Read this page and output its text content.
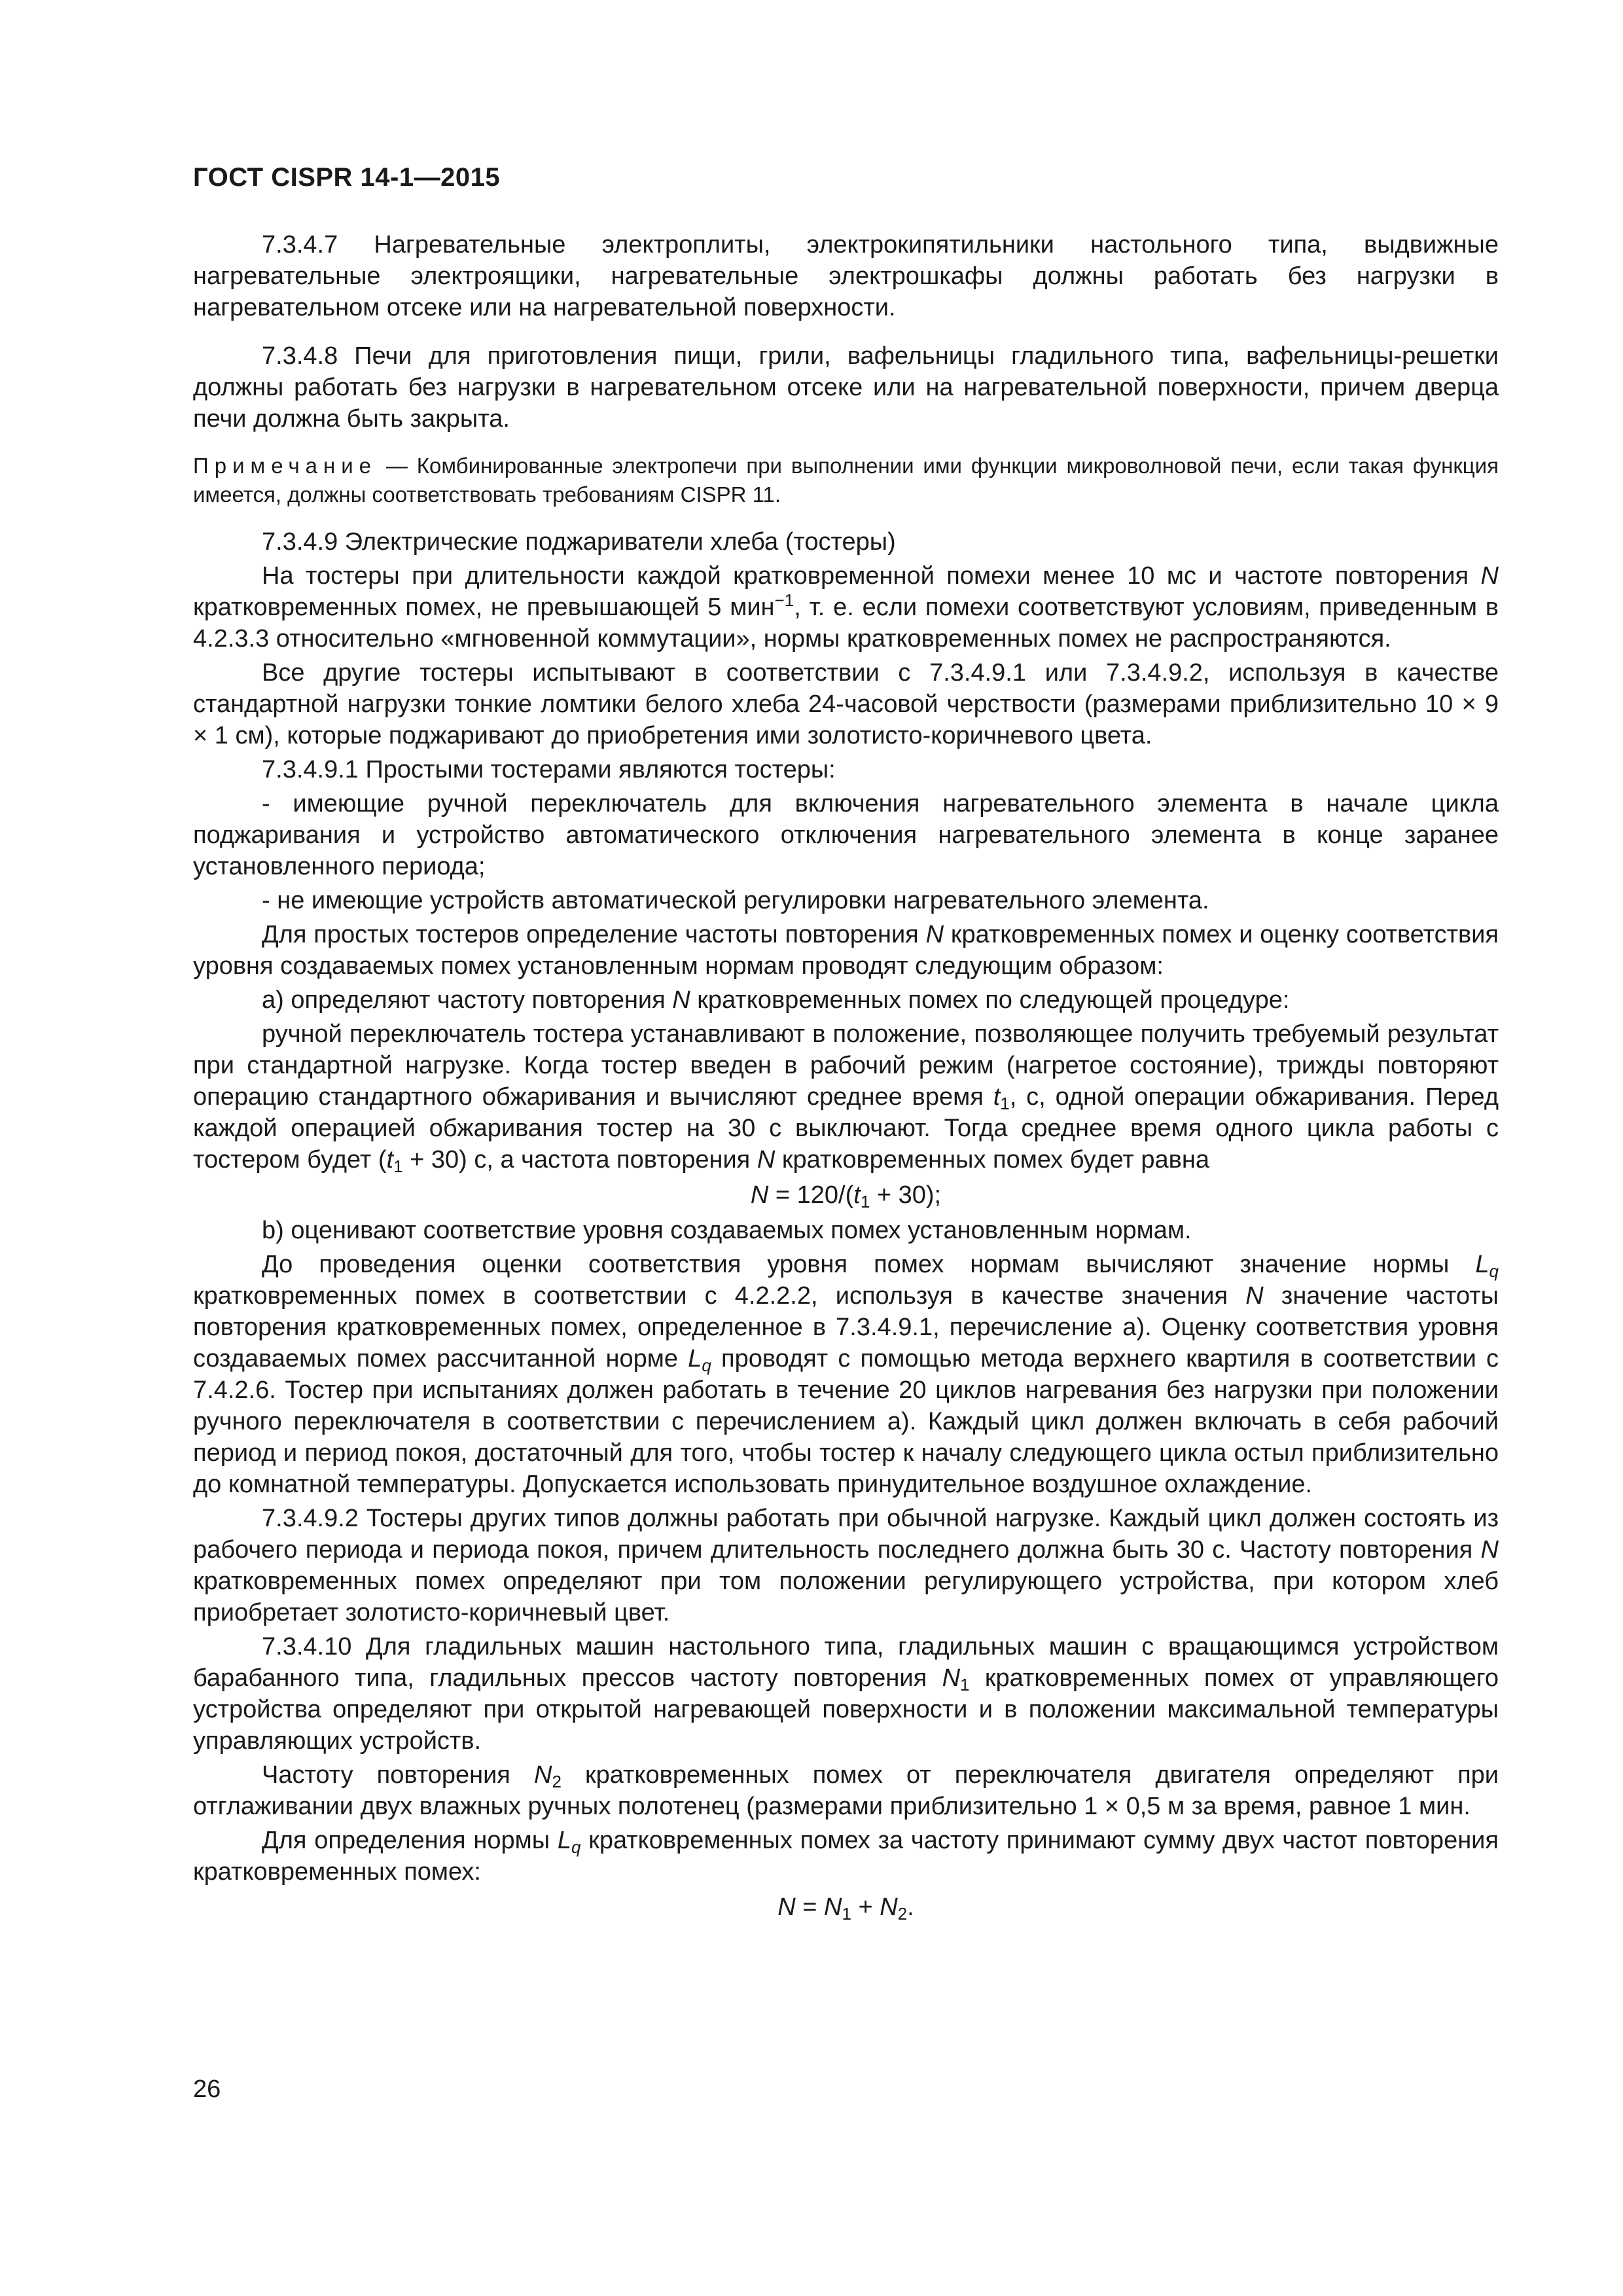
ГОСТ CISPR 14-1—2015

7.3.4.7 Нагревательные электроплиты, электрокипятильники настольного типа, выдвижные нагревательные электроящики, нагревательные электрошкафы должны работать без нагрузки в нагревательном отсеке или на нагревательной поверхности.

7.3.4.8 Печи для приготовления пищи, грили, вафельницы гладильного типа, вафельницы-решетки должны работать без нагрузки в нагревательном отсеке или на нагревательной поверхности, причем дверца печи должна быть закрыта.

Примечание — Комбинированные электропечи при выполнении ими функции микроволновой печи, если такая функция имеется, должны соответствовать требованиям CISPR 11.

7.3.4.9 Электрические поджариватели хлеба (тостеры)

На тостеры при длительности каждой кратковременной помехи менее 10 мс и частоте повторения N кратковременных помех, не превышающей 5 мин$^{-1}$, т. е. если помехи соответствуют условиям, приведенным в 4.2.3.3 относительно «мгновенной коммутации», нормы кратковременных помех не распространяются.

Все другие тостеры испытывают в соответствии с 7.3.4.9.1 или 7.3.4.9.2, используя в качестве стандартной нагрузки тонкие ломтики белого хлеба 24-часовой черствости (размерами приблизительно 10 × 9 × 1 см), которые поджаривают до приобретения ими золотисто-коричневого цвета.

7.3.4.9.1 Простыми тостерами являются тостеры:

- имеющие ручной переключатель для включения нагревательного элемента в начале цикла поджаривания и устройство автоматического отключения нагревательного элемента в конце заранее установленного периода;

- не имеющие устройств автоматической регулировки нагревательного элемента.

Для простых тостеров определение частоты повторения N кратковременных помех и оценку соответствия уровня создаваемых помех установленным нормам проводят следующим образом:

a) определяют частоту повторения N кратковременных помех по следующей процедуре:

ручной переключатель тостера устанавливают в положение, позволяющее получить требуемый результат при стандартной нагрузке. Когда тостер введен в рабочий режим (нагретое состояние), трижды повторяют операцию стандартного обжаривания и вычисляют среднее время $t_1$, с, одной операции обжаривания. Перед каждой операцией обжаривания тостер на 30 с выключают. Тогда среднее время одного цикла работы с тостером будет $(t_1 + 30)$ с, а частота повторения N кратковременных помех будет равна

$N = 120/(t_1 + 30)$;

b) оценивают соответствие уровня создаваемых помех установленным нормам.

До проведения оценки соответствия уровня помех нормам вычисляют значение нормы $L_q$ кратковременных помех в соответствии с 4.2.2.2, используя в качестве значения N значение частоты повторения кратковременных помех, определенное в 7.3.4.9.1, перечисление а). Оценку соответствия уровня создаваемых помех рассчитанной норме $L_q$ проводят с помощью метода верхнего квартиля в соответствии с 7.4.2.6. Тостер при испытаниях должен работать в течение 20 циклов нагревания без нагрузки при положении ручного переключателя в соответствии с перечислением а). Каждый цикл должен включать в себя рабочий период и период покоя, достаточный для того, чтобы тостер к началу следующего цикла остыл приблизительно до комнатной температуры. Допускается использовать принудительное воздушное охлаждение.

7.3.4.9.2 Тостеры других типов должны работать при обычной нагрузке. Каждый цикл должен состоять из рабочего периода и периода покоя, причем длительность последнего должна быть 30 с. Частоту повторения N кратковременных помех определяют при том положении регулирующего устройства, при котором хлеб приобретает золотисто-коричневый цвет.

7.3.4.10 Для гладильных машин настольного типа, гладильных машин с вращающимся устройством барабанного типа, гладильных прессов частоту повторения $N_1$ кратковременных помех от управляющего устройства определяют при открытой нагревающей поверхности и в положении максимальной температуры управляющих устройств.

Частоту повторения $N_2$ кратковременных помех от переключателя двигателя определяют при отглаживании двух влажных ручных полотенец (размерами приблизительно 1 × 0,5 м за время, равное 1 мин.

Для определения нормы $L_q$ кратковременных помех за частоту принимают сумму двух частот повторения кратковременных помех:

$N = N_1 + N_2$.

26
